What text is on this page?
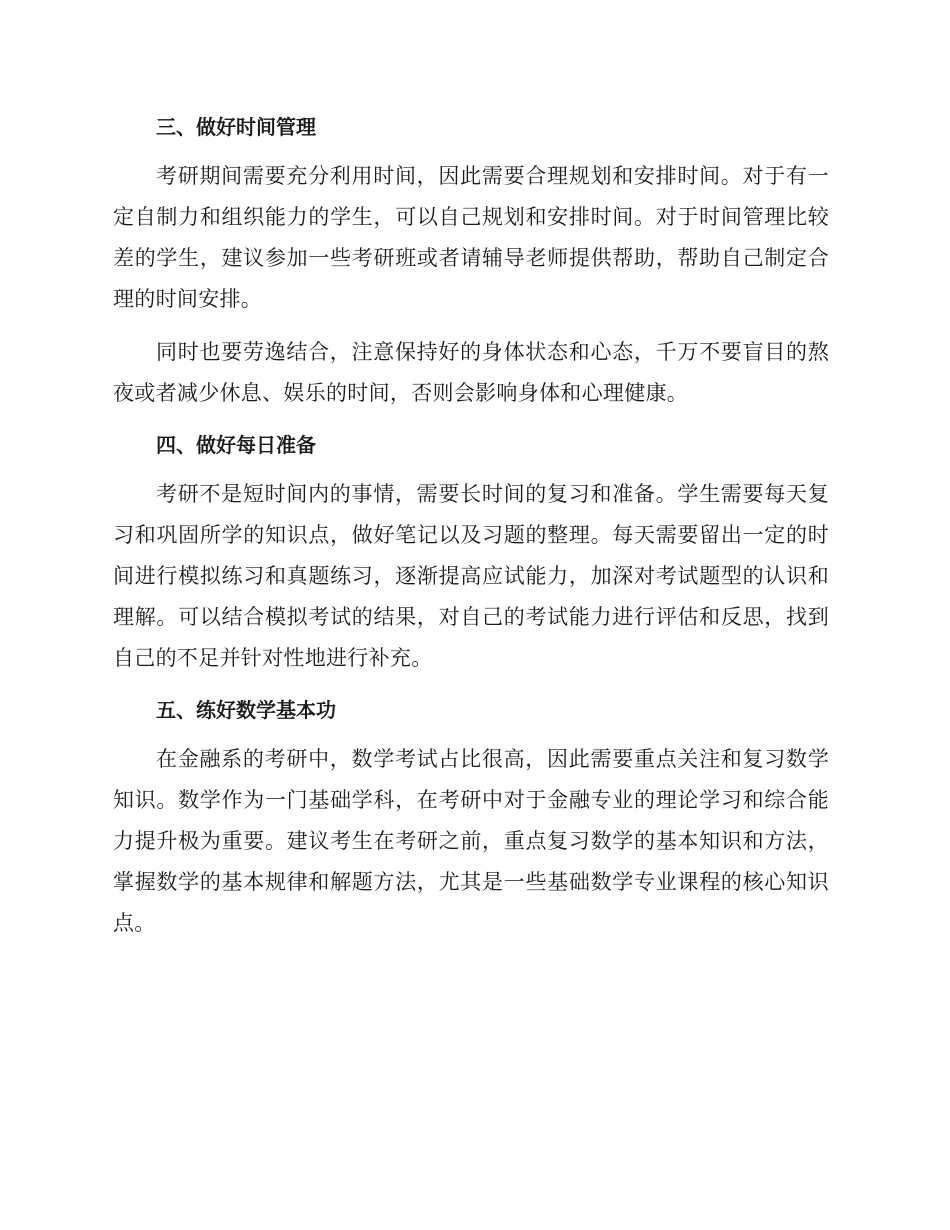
三、做好时间管理

考研期间需要充分利用时间，因此需要合理规划和安排时间。对于有一定自制力和组织能力的学生，可以自己规划和安排时间。对于时间管理比较差的学生，建议参加一些考研班或者请辅导老师提供帮助，帮助自己制定合理的时间安排。

同时也要劳逸结合，注意保持好的身体状态和心态，千万不要盲目的熬夜或者减少休息、娱乐的时间，否则会影响身体和心理健康。

四、做好每日准备

考研不是短时间内的事情，需要长时间的复习和准备。学生需要每天复习和巩固所学的知识点，做好笔记以及习题的整理。每天需要留出一定的时间进行模拟练习和真题练习，逐渐提高应试能力，加深对考试题型的认识和理解。可以结合模拟考试的结果，对自己的考试能力进行评估和反思，找到自己的不足并针对性地进行补充。

五、练好数学基本功

在金融系的考研中，数学考试占比很高，因此需要重点关注和复习数学知识。数学作为一门基础学科，在考研中对于金融专业的理论学习和综合能力提升极为重要。建议考生在考研之前，重点复习数学的基本知识和方法，掌握数学的基本规律和解题方法，尤其是一些基础数学专业课程的核心知识点。
